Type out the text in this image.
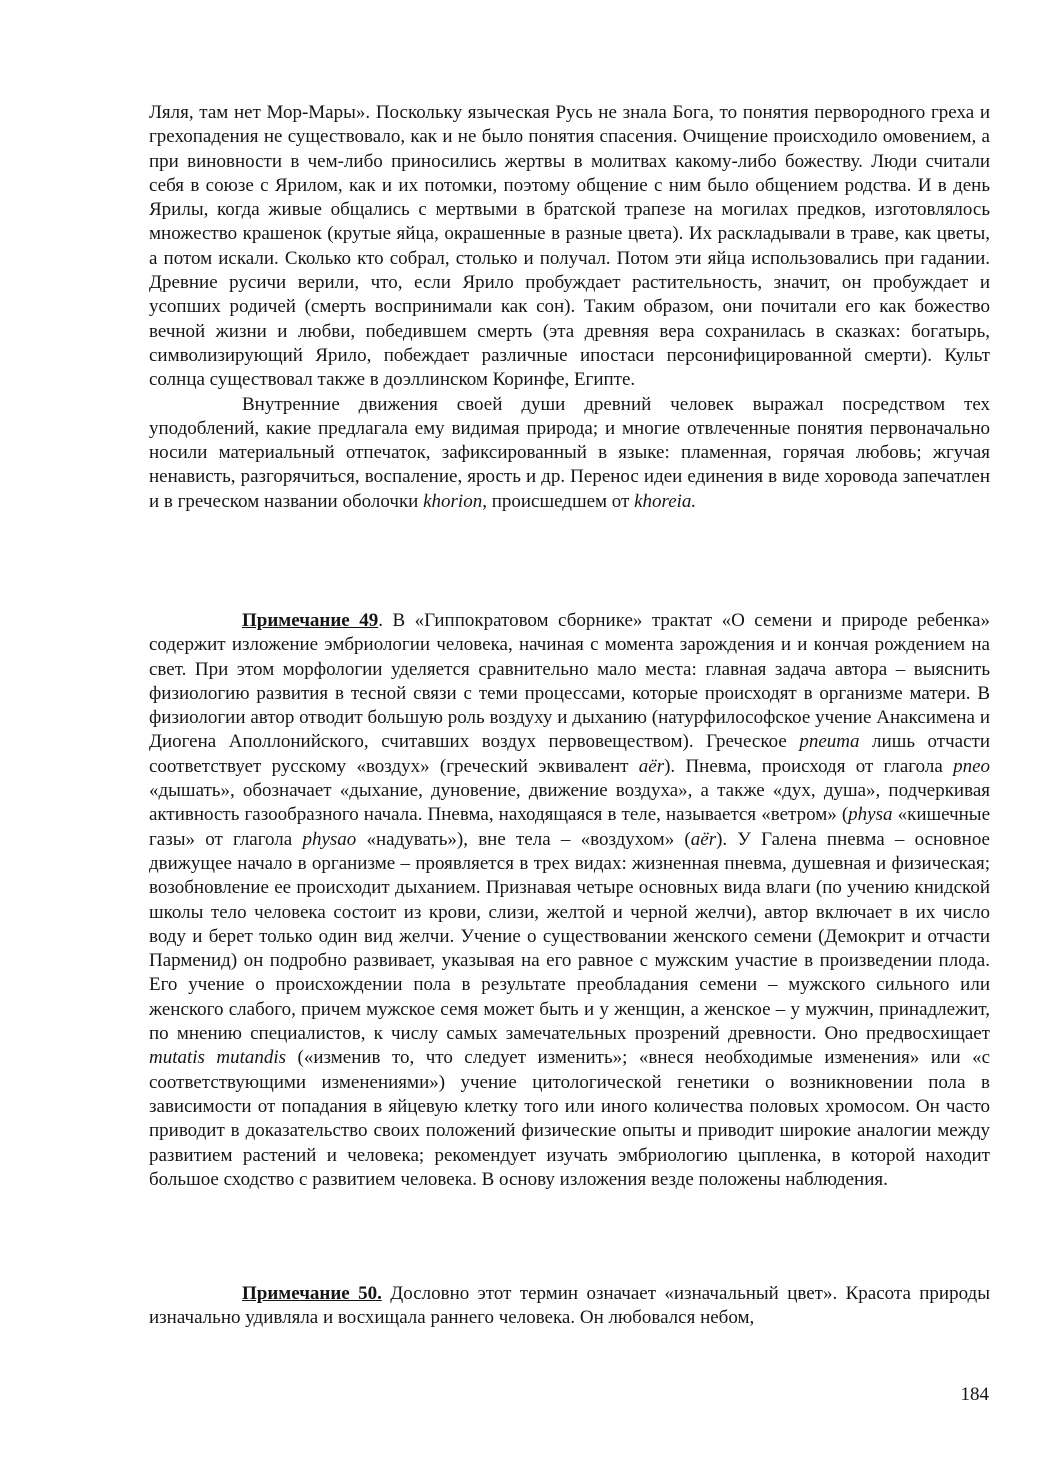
Ляля, там нет Мор-Мары». Поскольку языческая Русь не знала Бога, то понятия первородного греха и грехопадения не существовало, как и не было понятия спасения. Очищение происходило омовением, а при виновности в чем-либо приносились жертвы в молитвах какому-либо божеству. Люди считали себя в союзе с Ярилом, как и их потомки, поэтому общение с ним было общением родства. И в день Ярилы, когда живые общались с мертвыми в братской трапезе на могилах предков, изготовлялось множество крашенок (крутые яйца, окрашенные в разные цвета). Их раскладывали в траве, как цветы, а потом искали. Сколько кто собрал, столько и получал. Потом эти яйца использовались при гадании. Древние русичи верили, что, если Ярило пробуждает растительность, значит, он пробуждает и усопших родичей (смерть воспринимали как сон). Таким образом, они почитали его как божество вечной жизни и любви, победившем смерть (эта древняя вера сохранилась в сказках: богатырь, символизирующий Ярило, побеждает различные ипостаси персонифицированной смерти). Культ солнца существовал также в доэллинском Коринфе, Египте.

Внутренние движения своей души древний человек выражал посредством тех уподоблений, какие предлагала ему видимая природа; и многие отвлеченные понятия первоначально носили материальный отпечаток, зафиксированный в языке: пламенная, горячая любовь; жгучая ненависть, разгорячиться, воспаление, ярость и др. Перенос идеи единения в виде хоровода запечатлен и в греческом названии оболочки khorion, происшедшем от khoreia.

Примечание 49. В «Гиппократовом сборнике» трактат «О семени и природе ребенка» содержит изложение эмбриологии человека, начиная с момента зарождения и и кончая рождением на свет. При этом морфологии уделяется сравнительно мало места: главная задача автора – выяснить физиологию развития в тесной связи с теми процессами, которые происходят в организме матери. В физиологии автор отводит большую роль воздуху и дыханию (натурфилософское учение Анаксимена и Диогена Аполлонийского, считавших воздух первовеществом). Греческое pneuma лишь отчасти соответствует русскому «воздух» (греческий эквивалент aër). Пневма, происходя от глагола pneo «дышать», обозначает «дыхание, дуновение, движение воздуха», а также «дух, душа», подчеркивая активность газообразного начала. Пневма, находящаяся в теле, называется «ветром» (physa «кишечные газы» от глагола physao «надувать»), вне тела – «воздухом» (aër). У Галена пневма – основное движущее начало в организме – проявляется в трех видах: жизненная пневма, душевная и физическая; возобновление ее происходит дыханием. Признавая четыре основных вида влаги (по учению книдской школы тело человека состоит из крови, слизи, желтой и черной желчи), автор включает в их число воду и берет только один вид желчи. Учение о существовании женского семени (Демокрит и отчасти Парменид) он подробно развивает, указывая на его равное с мужским участие в произведении плода. Его учение о происхождении пола в результате преобладания семени – мужского сильного или женского слабого, причем мужское семя может быть и у женщин, а женское – у мужчин, принадлежит, по мнению специалистов, к числу самых замечательных прозрений древности. Оно предвосхищает mutatis mutandis («изменив то, что следует изменить»; «внеся необходимые изменения» или «с соответствующими изменениями») учение цитологической генетики о возникновении пола в зависимости от попадания в яйцевую клетку того или иного количества половых хромосом. Он часто приводит в доказательство своих положений физические опыты и приводит широкие аналогии между развитием растений и человека; рекомендует изучать эмбриологию цыпленка, в которой находит большое сходство с развитием человека. В основу изложения везде положены наблюдения.

Примечание 50. Дословно этот термин означает «изначальный цвет». Красота природы изначально удивляла и восхищала раннего человека. Он любовался небом,

184
